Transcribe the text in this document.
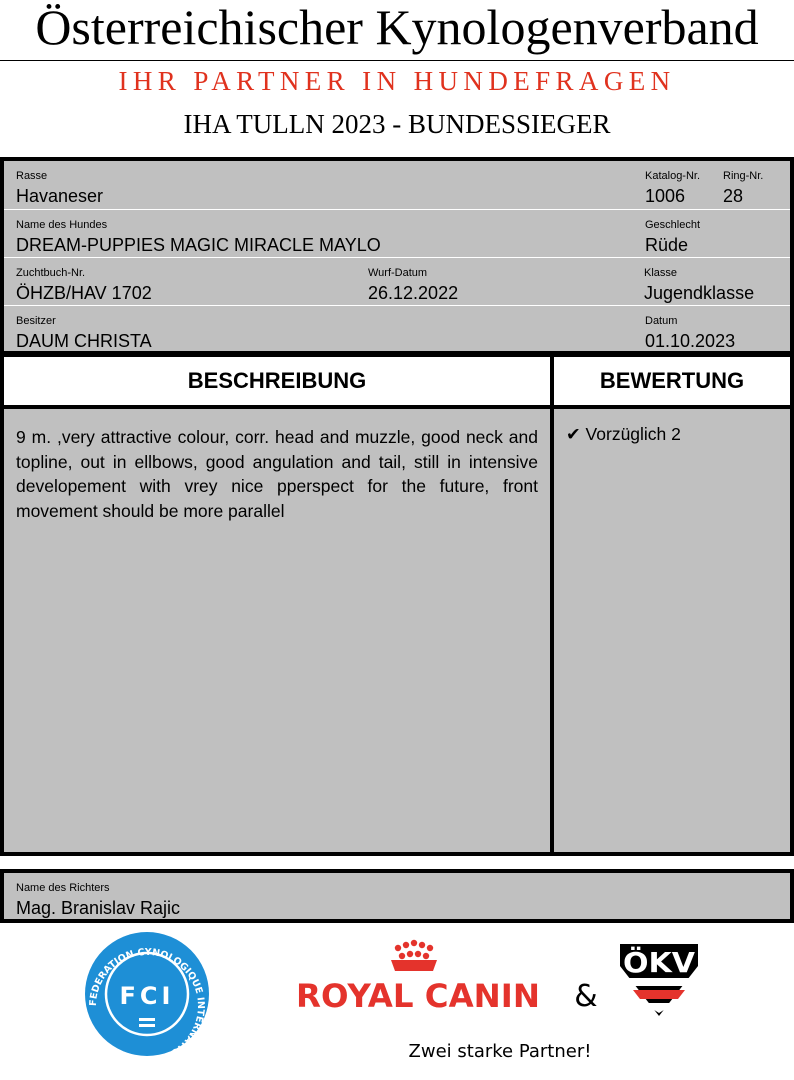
Österreichischer Kynologenverband
IHR PARTNER IN HUNDEFRAGEN
IHA TULLN 2023 - BUNDESSIEGER
Rasse
Havaneser
Katalog-Nr.
1006
Ring-Nr.
28
Name des Hundes
DREAM-PUPPIES MAGIC MIRACLE MAYLO
Geschlecht
Rüde
Zuchtbuch-Nr.
ÖHZB/HAV 1702
Wurf-Datum
26.12.2022
Klasse
Jugendklasse
Besitzer
DAUM CHRISTA
Datum
01.10.2023
BESCHREIBUNG	BEWERTUNG
9 m. ,very attractive colour, corr. head and muzzle, good neck and topline, out in ellbows, good angulation and tail, still in intensive developement with vrey nice pperspect for the future, front movement should be more parallel
✔ Vorzüglich 2
Name des Richters
Mag. Branislav Rajic
FEDERATION CYNOLOGIQUE INTERNATIONALE
FCI	ROYAL CANIN &
ÖKV
Zwei starke Partner!
